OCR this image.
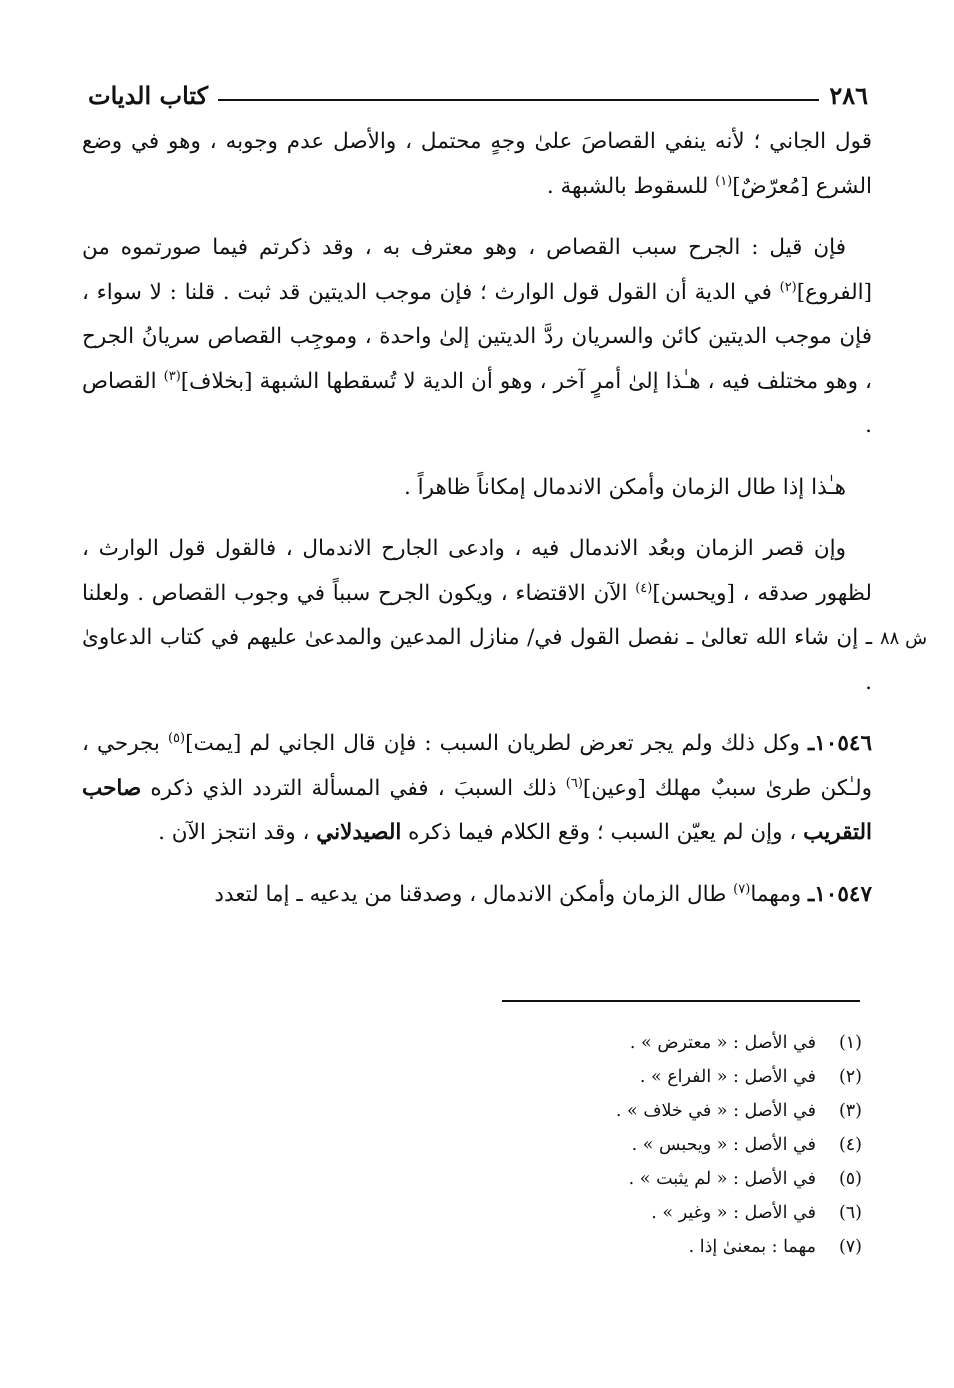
٢٨٦
كتاب الديات

قول الجاني ؛ لأنه ينفي القصاصَ علىٰ وجهٍ محتمل ، والأصل عدم وجوبه ، وهو في وضع الشرع [مُعرّضٌ]$^{(١)}$ للسقوط بالشبهة .

فإن قيل : الجرح سبب القصاص ، وهو معترف به ، وقد ذكرتم فيما صورتموه من [الفروع]$^{(٢)}$ في الدية أن القول قول الوارث ؛ فإن موجب الديتين قد ثبت . قلنا : لا سواء ، فإن موجب الديتين كائن والسريان ردَّ الديتين إلىٰ واحدة ، وموجِب القصاص سريانُ الجرح ، وهو مختلف فيه ، هـٰذا إلىٰ أمرٍ آخر ، وهو أن الدية لا تُسقطها الشبهة [بخلاف]$^{(٣)}$ القصاص .

هـٰذا إذا طال الزمان وأمكن الاندمال إمكاناً ظاهراً .

وإن قصر الزمان وبعُد الاندمال فيه ، وادعى الجارح الاندمال ، فالقول قول الوارث ، لظهور صدقه ، [ويحسن]$^{(٤)}$ الآن الاقتضاء ، ويكون الجرح سبباً في وجوب القصاص . ولعلنا ـ إن شاء الله تعالىٰ ـ نفصل القول في/ منازل المدعين والمدعىٰ عليهم في كتاب الدعاوىٰ .

١٠٥٤٦ـ وكل ذلك ولم يجر تعرض لطريان السبب : فإن قال الجاني لم [يمت]$^{(٥)}$ بجرحي ، ولـٰكن طرىٰ سببٌ مهلك [وعين]$^{(٦)}$ ذلك السببَ ، ففي المسألة التردد الذي ذكره صاحب التقريب ، وإن لم يعيّن السبب ؛ وقع الكلام فيما ذكره الصيدلاني ، وقد انتجز الآن .

١٠٥٤٧ـ ومهما$^{(٧)}$ طال الزمان وأمكن الاندمال ، وصدقنا من يدعيه ـ إما لتعدد

ش ٨٨
(١)
في الأصل : « معترض » .
(٢)
في الأصل : « الفراع » .
(٣)
في الأصل : « في خلاف » .
(٤)
في الأصل : « ويحبس » .
(٥)
في الأصل : « لم يثبت » .
(٦)
في الأصل : « وغير » .
(٧)
مهما : بمعنىٰ إذا .
